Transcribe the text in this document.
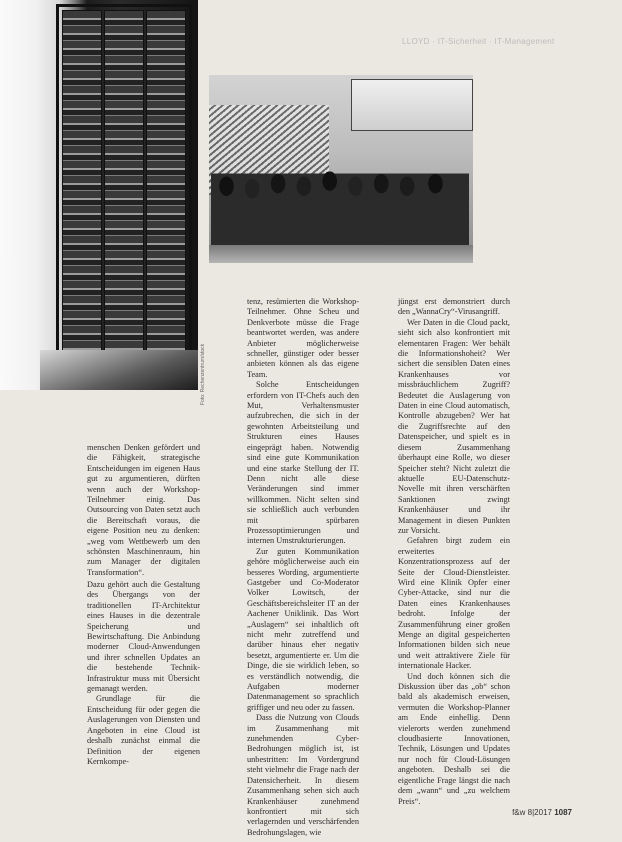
LLOYD · IT-Sicherheit · IT-Management
Foto: Rechenzentrum/stock

menschen Denken gefördert und die Fähigkeit, strategische Entscheidungen im eigenen Haus gut zu argumentieren, dürften wenn auch der Workshop-Teilnehmer einig. Das Outsourcing von Daten setzt auch die Bereitschaft voraus, die eigene Position neu zu denken: „weg vom Wettbewerb um den schönsten Maschinenraum, hin zum Manager der digitalen Transformation“.

Dazu gehört auch die Gestaltung des Übergangs von der traditionellen IT-Architektur eines Hauses in die dezentrale Speicherung und Bewirtschaftung. Die Anbindung moderner Cloud-Anwendungen und ihrer schnellen Updates an die bestehende Technik-Infrastruktur muss mit Übersicht gemanagt werden.

Grundlage für die Entscheidung für oder gegen die Auslagerungen von Diensten und Angeboten in eine Cloud ist deshalb zunächst einmal die Definition der eigenen Kernkompe-

tenz, resümierten die Workshop-Teilnehmer. Ohne Scheu und Denkverbote müsse die Frage beantwortet werden, was andere Anbieter möglicherweise schneller, günstiger oder besser anbieten können als das eigene Team.

Solche Entscheidungen erfordern von IT-Chefs auch den Mut, Verhaltensmuster aufzubrechen, die sich in der gewohnten Arbeitsteilung und Strukturen eines Hauses eingeprägt haben. Notwendig sind eine gute Kommunikation und eine starke Stellung der IT. Denn nicht alle diese Veränderungen sind immer willkommen. Nicht selten sind sie schließlich auch verbunden mit spürbaren Prozessoptimierungen und internen Umstrukturierungen.

Zur guten Kommunikation gehöre möglicherweise auch ein besseres Wording, argumentierte Gastgeber und Co-Moderator Volker Lowitsch, der Geschäftsbereichsleiter IT an der Aachener Uniklinik. Das Wort „Auslagern“ sei inhaltlich oft nicht mehr zutreffend und darüber hinaus eher negativ besetzt, argumentierte er. Um die Dinge, die sie wirklich leben, so es verständlich notwendig, die Aufgaben moderner Datenmanagement so sprachlich griffiger und neu oder zu fassen.

Dass die Nutzung von Clouds im Zusammenhang mit zunehmenden Cyber-Bedrohungen möglich ist, ist unbestritten: Im Vordergrund steht vielmehr die Frage nach der Datensicherheit. In diesem Zusammenhang sehen sich auch Krankenhäuser zunehmend konfrontiert mit sich verlagernden und verschärfenden Bedrohungslagen, wie

jüngst erst demonstriert durch den „WannaCry“-Virusangriff.

Wer Daten in die Cloud packt, sieht sich also konfrontiert mit elementaren Fragen: Wer behält die Informationshoheit? Wer sichert die sensiblen Daten eines Krankenhauses vor missbräuchlichem Zugriff? Bedeutet die Auslagerung von Daten in eine Cloud automatisch, Kontrolle abzugeben? Wer hat die Zugriffsrechte auf den Datenspeicher, und spielt es in diesem Zusammenhang überhaupt eine Rolle, wo dieser Speicher steht? Nicht zuletzt die aktuelle EU-Datenschutz-Novelle mit ihren verschärften Sanktionen zwingt Krankenhäuser und ihr Management in diesen Punkten zur Vorsicht.

Gefahren birgt zudem ein erweitertes Konzentrationsprozess auf der Seite der Cloud-Dienstleister. Wird eine Klinik Opfer einer Cyber-Attacke, sind nur die Daten eines Krankenhauses bedroht. Infolge der Zusammenführung einer großen Menge an digital gespeicherten Informationen bilden sich neue und weit attraktivere Ziele für internationale Hacker.

Und doch können sich die Diskussion über das „ob“ schon bald als akademisch erweisen, vermuten die Workshop-Planner am Ende einhellig. Denn vielerorts werden zunehmend cloudbasierte Innovationen, Technik, Lösungen und Updates nur noch für Cloud-Lösungen angeboten. Deshalb sei die eigentliche Frage längst die nach dem „wann“ und „zu welchem Preis“.

f&w 8|2017 1087
